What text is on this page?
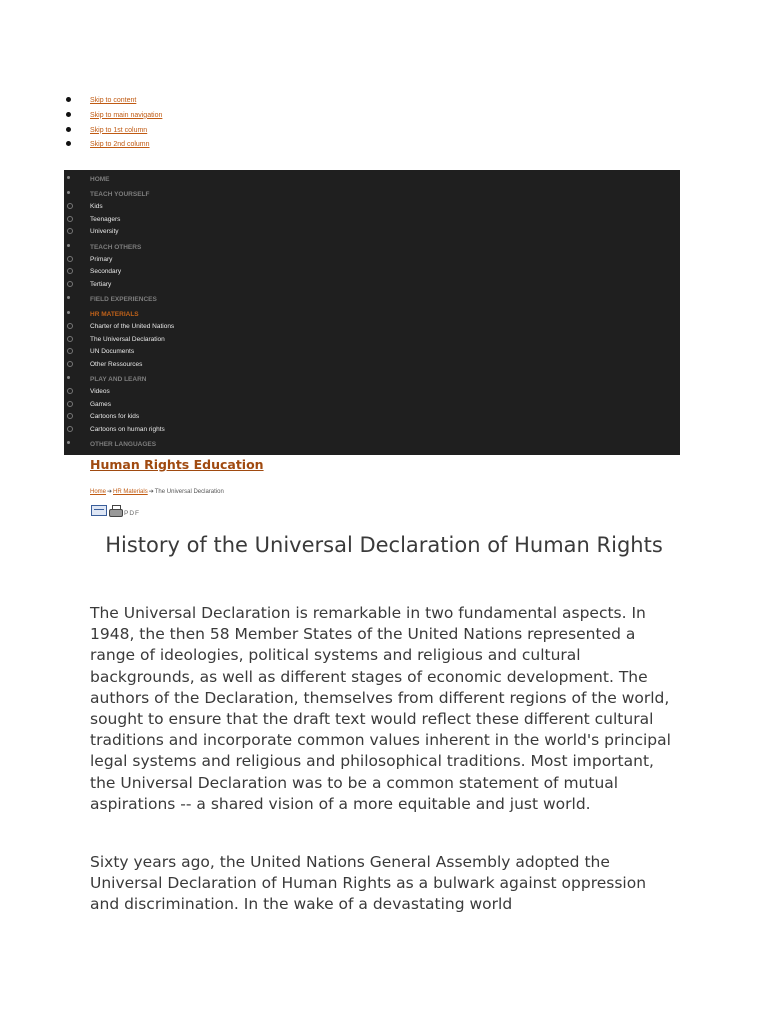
Skip to content
Skip to main navigation
Skip to 1st column
Skip to 2nd column
HOME
TEACH YOURSELF
Kids
Teenagers
University
TEACH OTHERS
Primary
Secondary
Tertiary
FIELD EXPERIENCES
HR MATERIALS
Charter of the United Nations
The Universal Declaration
UN Documents
Other Ressources
PLAY AND LEARN
Videos
Games
Cartoons for kids
Cartoons on human rights
OTHER LANGUAGES
Human Rights Education
Home➔HR Materials➔The Universal Declaration
PDF
History of the Universal Declaration of Human Rights

The Universal Declaration is remarkable in two fundamental aspects. In 1948, the then 58 Member States of the United Nations represented a range of ideologies, political systems and religious and cultural backgrounds, as well as different stages of economic development. The authors of the Declaration, themselves from different regions of the world, sought to ensure that the draft text would reflect these different cultural traditions and incorporate common values inherent in the world's principal legal systems and religious and philosophical traditions. Most important, the Universal Declaration was to be a common statement of mutual aspirations -- a shared vision of a more equitable and just world.

Sixty years ago, the United Nations General Assembly adopted the Universal Declaration of Human Rights as a bulwark against oppression and discrimination. In the wake of a devastating world
